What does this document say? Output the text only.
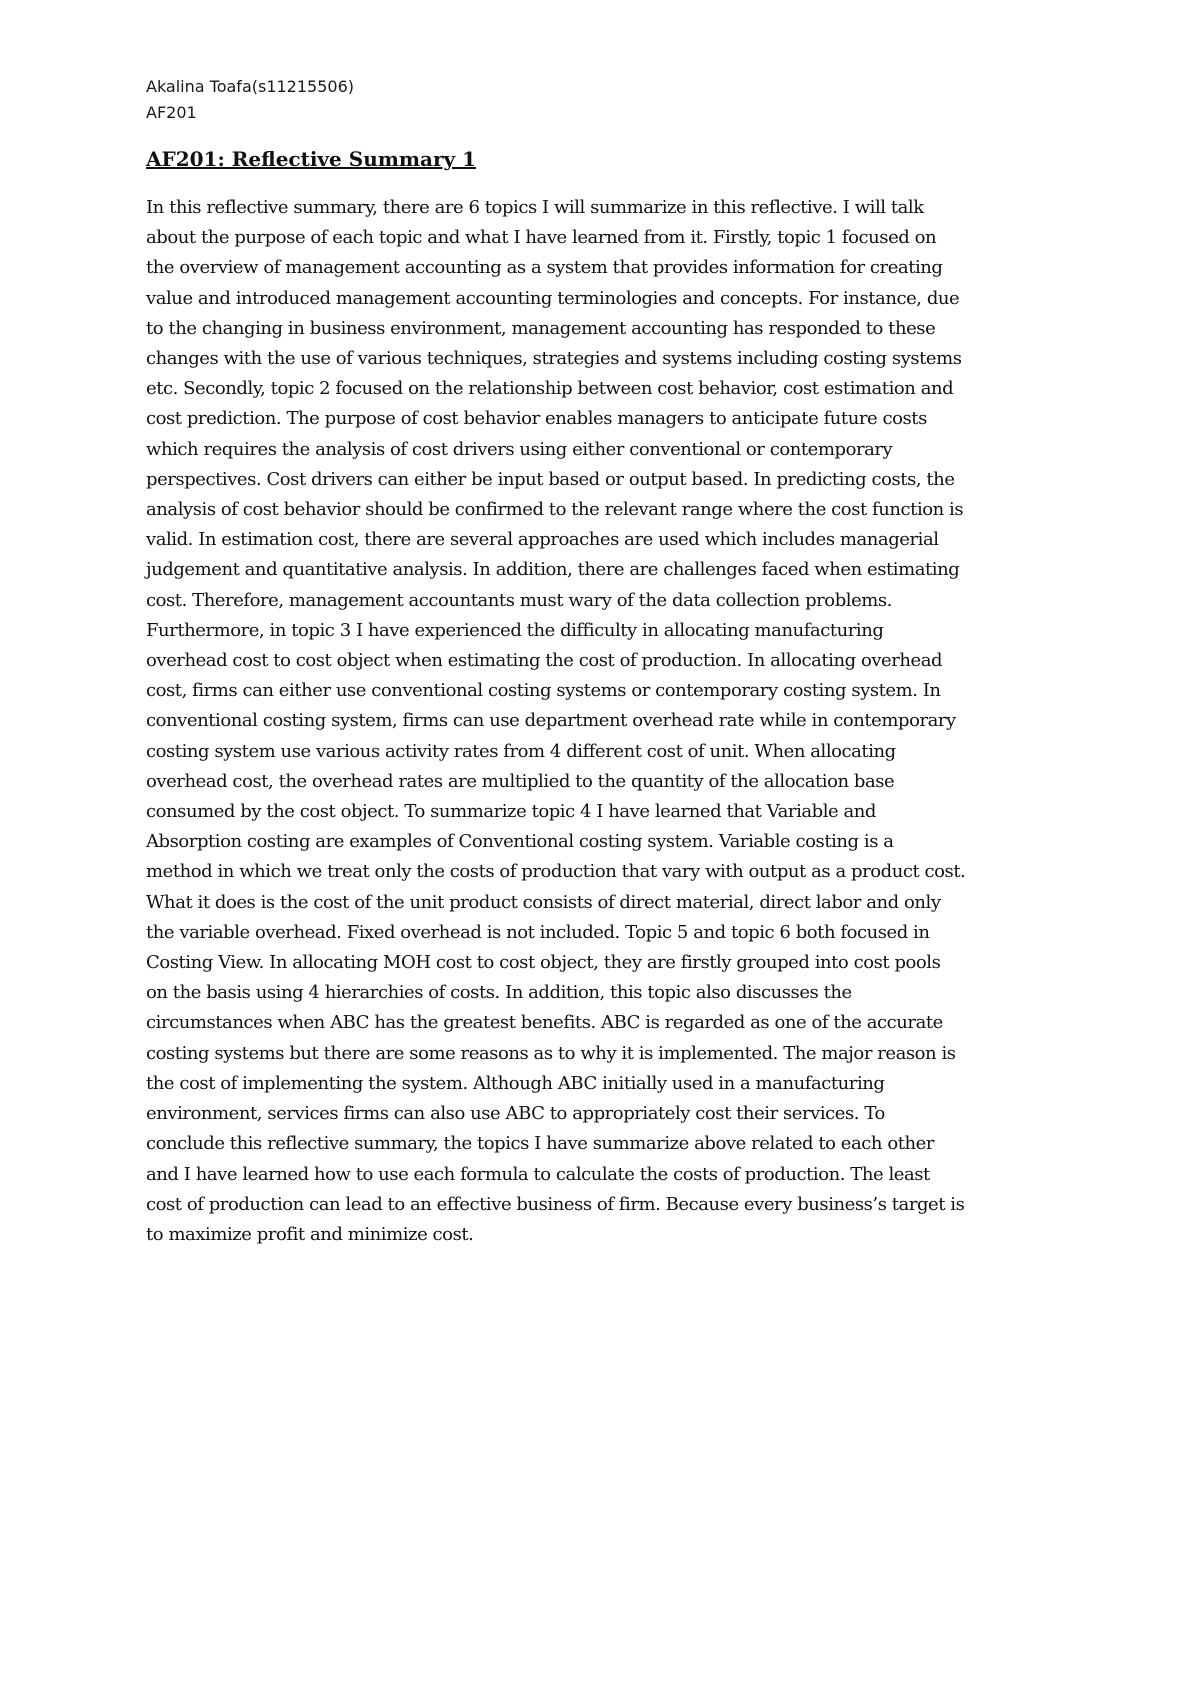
Akalina Toafa(s11215506)
AF201
AF201: Reflective Summary 1
In this reflective summary, there are 6 topics I will summarize in this reflective. I will talk
about the purpose of each topic and what I have learned from it. Firstly, topic 1 focused on
the overview of management accounting as a system that provides information for creating
value and introduced management accounting terminologies and concepts. For instance, due
to the changing in business environment, management accounting has responded to these
changes with the use of various techniques, strategies and systems including costing systems
etc. Secondly, topic 2 focused on the relationship between cost behavior, cost estimation and
cost prediction. The purpose of cost behavior enables managers to anticipate future costs
which requires the analysis of cost drivers using either conventional or contemporary
perspectives. Cost drivers can either be input based or output based. In predicting costs, the
analysis of cost behavior should be confirmed to the relevant range where the cost function is
valid. In estimation cost, there are several approaches are used which includes managerial
judgement and quantitative analysis. In addition, there are challenges faced when estimating
cost. Therefore, management accountants must wary of the data collection problems.
Furthermore, in topic 3 I have experienced the difficulty in allocating manufacturing
overhead cost to cost object when estimating the cost of production. In allocating overhead
cost, firms can either use conventional costing systems or contemporary costing system. In
conventional costing system, firms can use department overhead rate while in contemporary
costing system use various activity rates from 4 different cost of unit. When allocating
overhead cost, the overhead rates are multiplied to the quantity of the allocation base
consumed by the cost object. To summarize topic 4 I have learned that Variable and
Absorption costing are examples of Conventional costing system. Variable costing is a
method in which we treat only the costs of production that vary with output as a product cost.
What it does is the cost of the unit product consists of direct material, direct labor and only
the variable overhead. Fixed overhead is not included. Topic 5 and topic 6 both focused in
Costing View. In allocating MOH cost to cost object, they are firstly grouped into cost pools
on the basis using 4 hierarchies of costs. In addition, this topic also discusses the
circumstances when ABC has the greatest benefits. ABC is regarded as one of the accurate
costing systems but there are some reasons as to why it is implemented. The major reason is
the cost of implementing the system. Although ABC initially used in a manufacturing
environment, services firms can also use ABC to appropriately cost their services. To
conclude this reflective summary, the topics I have summarize above related to each other
and I have learned how to use each formula to calculate the costs of production. The least
cost of production can lead to an effective business of firm. Because every business’s target is
to maximize profit and minimize cost.
